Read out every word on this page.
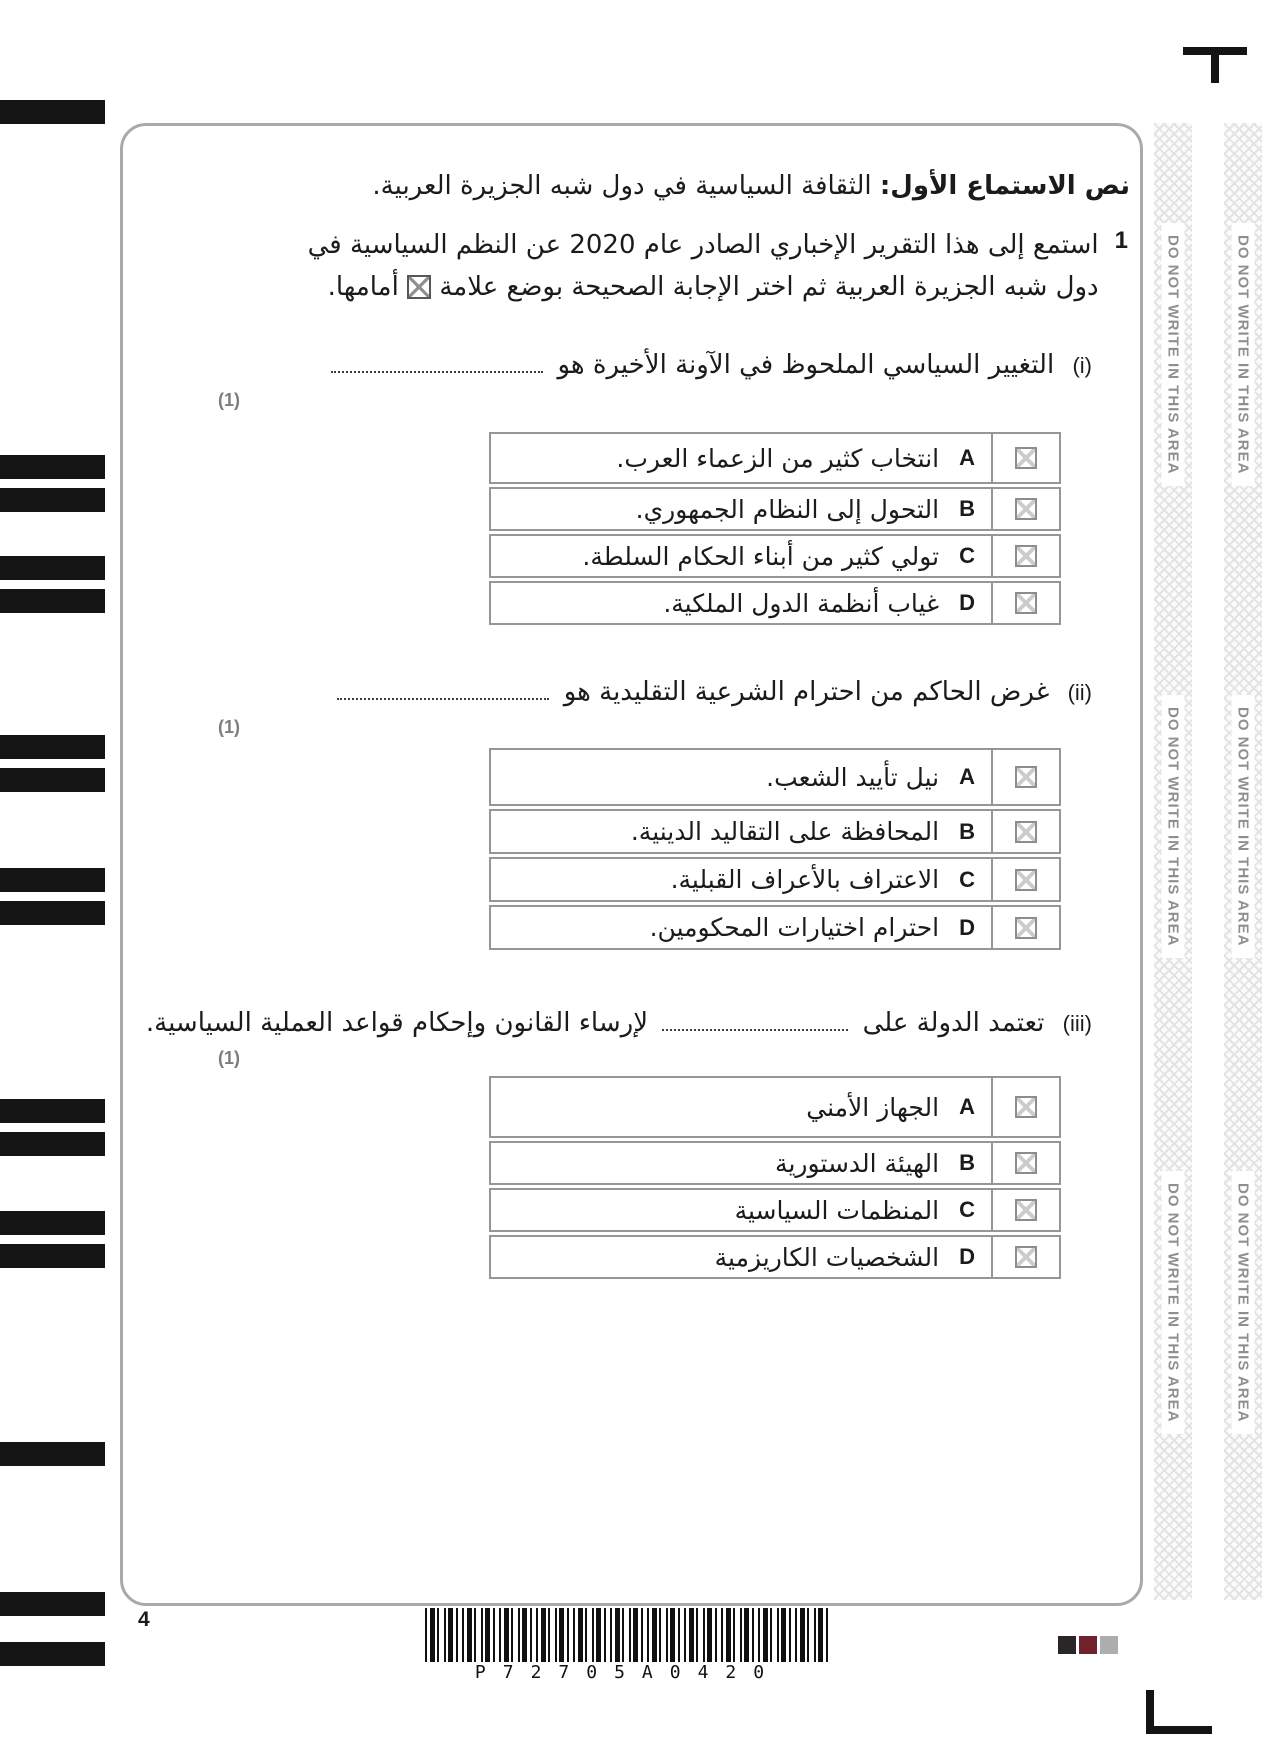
DO NOT WRITE IN THIS AREA
DO NOT WRITE IN THIS AREA
DO NOT WRITE IN THIS AREA
DO NOT WRITE IN THIS AREA
DO NOT WRITE IN THIS AREA
DO NOT WRITE IN THIS AREA
نص الاستماع الأول: الثقافة السياسية في دول شبه الجزيرة العربية.
1
استمع إلى هذا التقرير الإخباري الصادر عام 2020 عن النظم السياسية في دول شبه الجزيرة العربية ثم اختر الإجابة الصحيحة بوضع علامة  أمامها.
(i) التغيير السياسي الملحوظ في الآونة الأخيرة هو
(1)
A
انتخاب كثير من الزعماء العرب.
B
التحول إلى النظام الجمهوري.
C
تولي كثير من أبناء الحكام السلطة.
D
غياب أنظمة الدول الملكية.
(ii) غرض الحاكم من احترام الشرعية التقليدية هو
(1)
A
نيل تأييد الشعب.
B
المحافظة على التقاليد الدينية.
C
الاعتراف بالأعراف القبلية.
D
احترام اختيارات المحكومين.
(iii) تعتمد الدولة على  لإرساء القانون وإحكام قواعد العملية السياسية.
(1)
A
الجهاز الأمني
B
الهيئة الدستورية
C
المنظمات السياسية
D
الشخصيات الكاريزمية
4
P72705A0420
